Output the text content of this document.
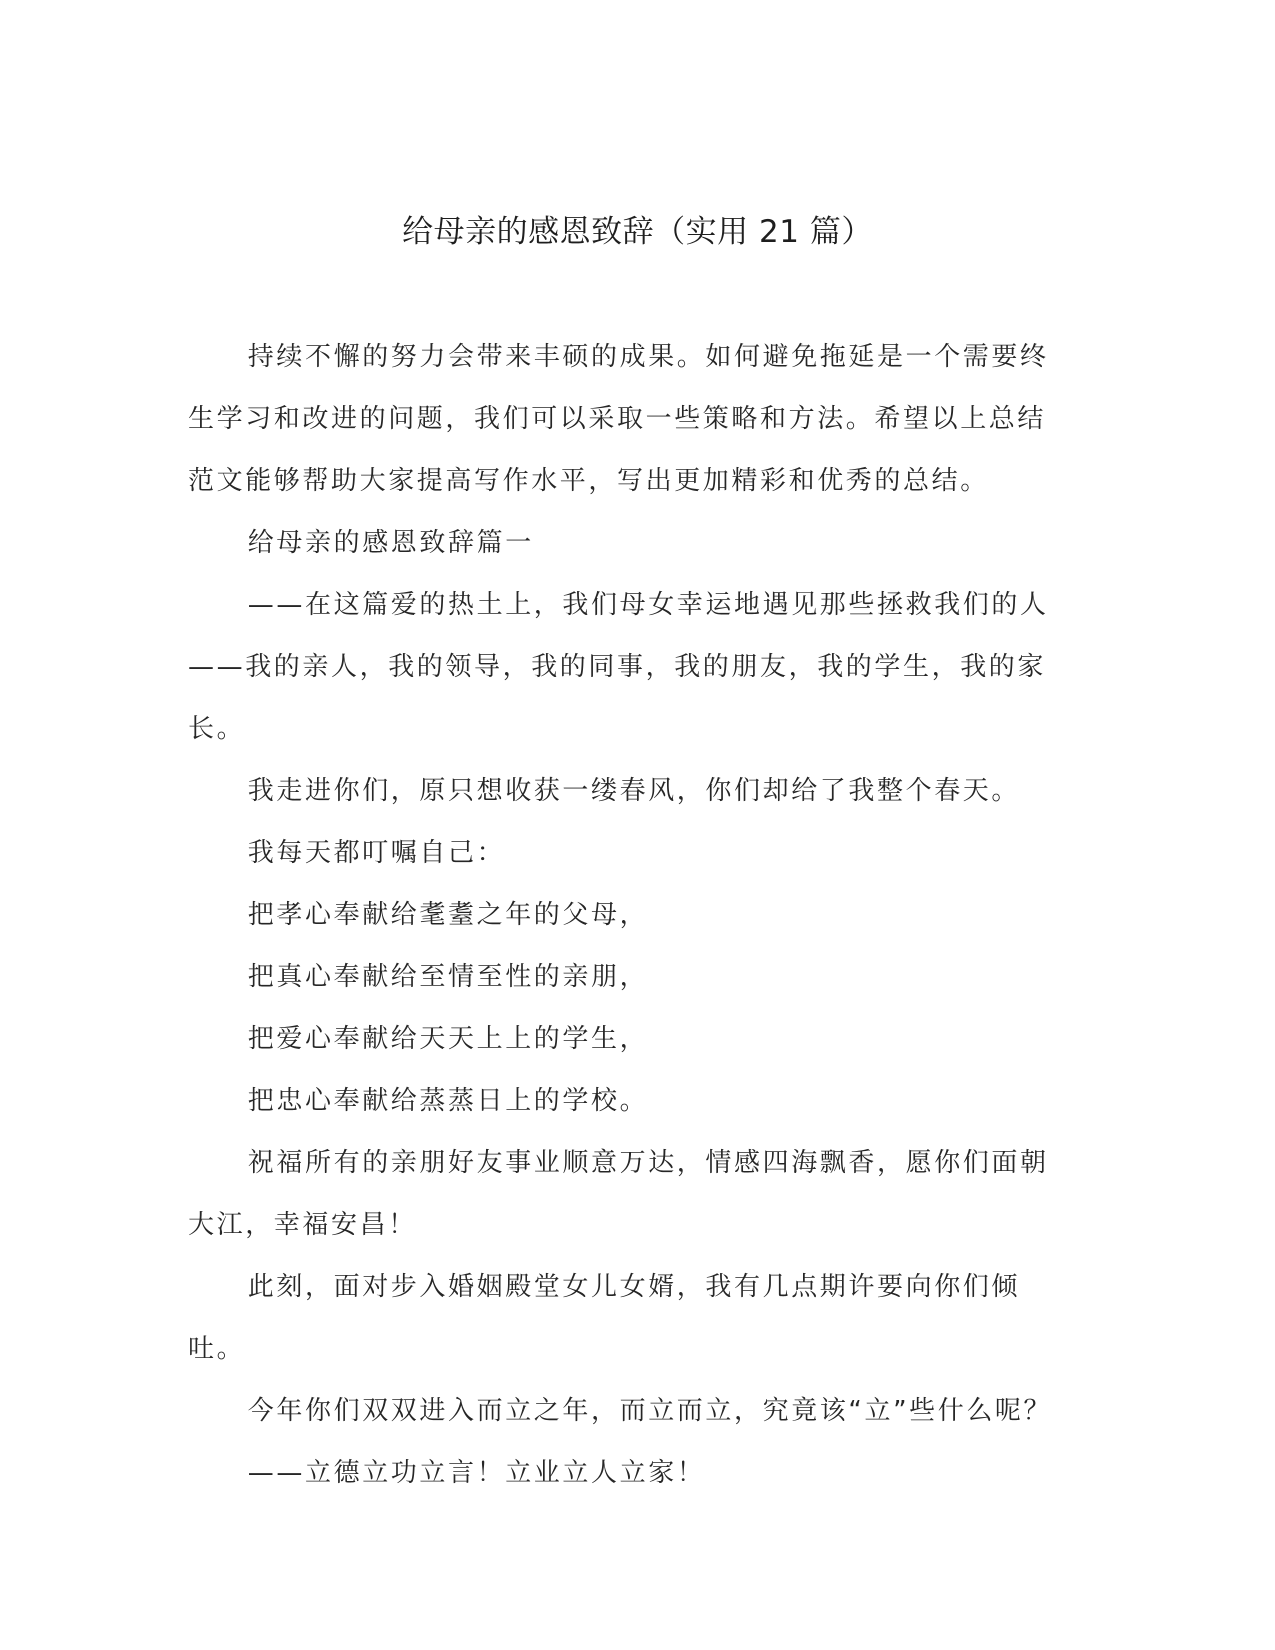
给母亲的感恩致辞（实用 21 篇）

持续不懈的努力会带来丰硕的成果。如何避免拖延是一个需要终生学习和改进的问题，我们可以采取一些策略和方法。希望以上总结范文能够帮助大家提高写作水平，写出更加精彩和优秀的总结。

给母亲的感恩致辞篇一

——在这篇爱的热土上，我们母女幸运地遇见那些拯救我们的人——我的亲人，我的领导，我的同事，我的朋友，我的学生，我的家长。

我走进你们，原只想收获一缕春风，你们却给了我整个春天。

我每天都叮嘱自己：

把孝心奉献给耄耋之年的父母，

把真心奉献给至情至性的亲朋，

把爱心奉献给天天上上的学生，

把忠心奉献给蒸蒸日上的学校。

祝福所有的亲朋好友事业顺意万达，情感四海飘香，愿你们面朝大江，幸福安昌！

此刻，面对步入婚姻殿堂女儿女婿，我有几点期许要向你们倾吐。

今年你们双双进入而立之年，而立而立，究竟该“立”些什么呢？

——立德立功立言！立业立人立家！
